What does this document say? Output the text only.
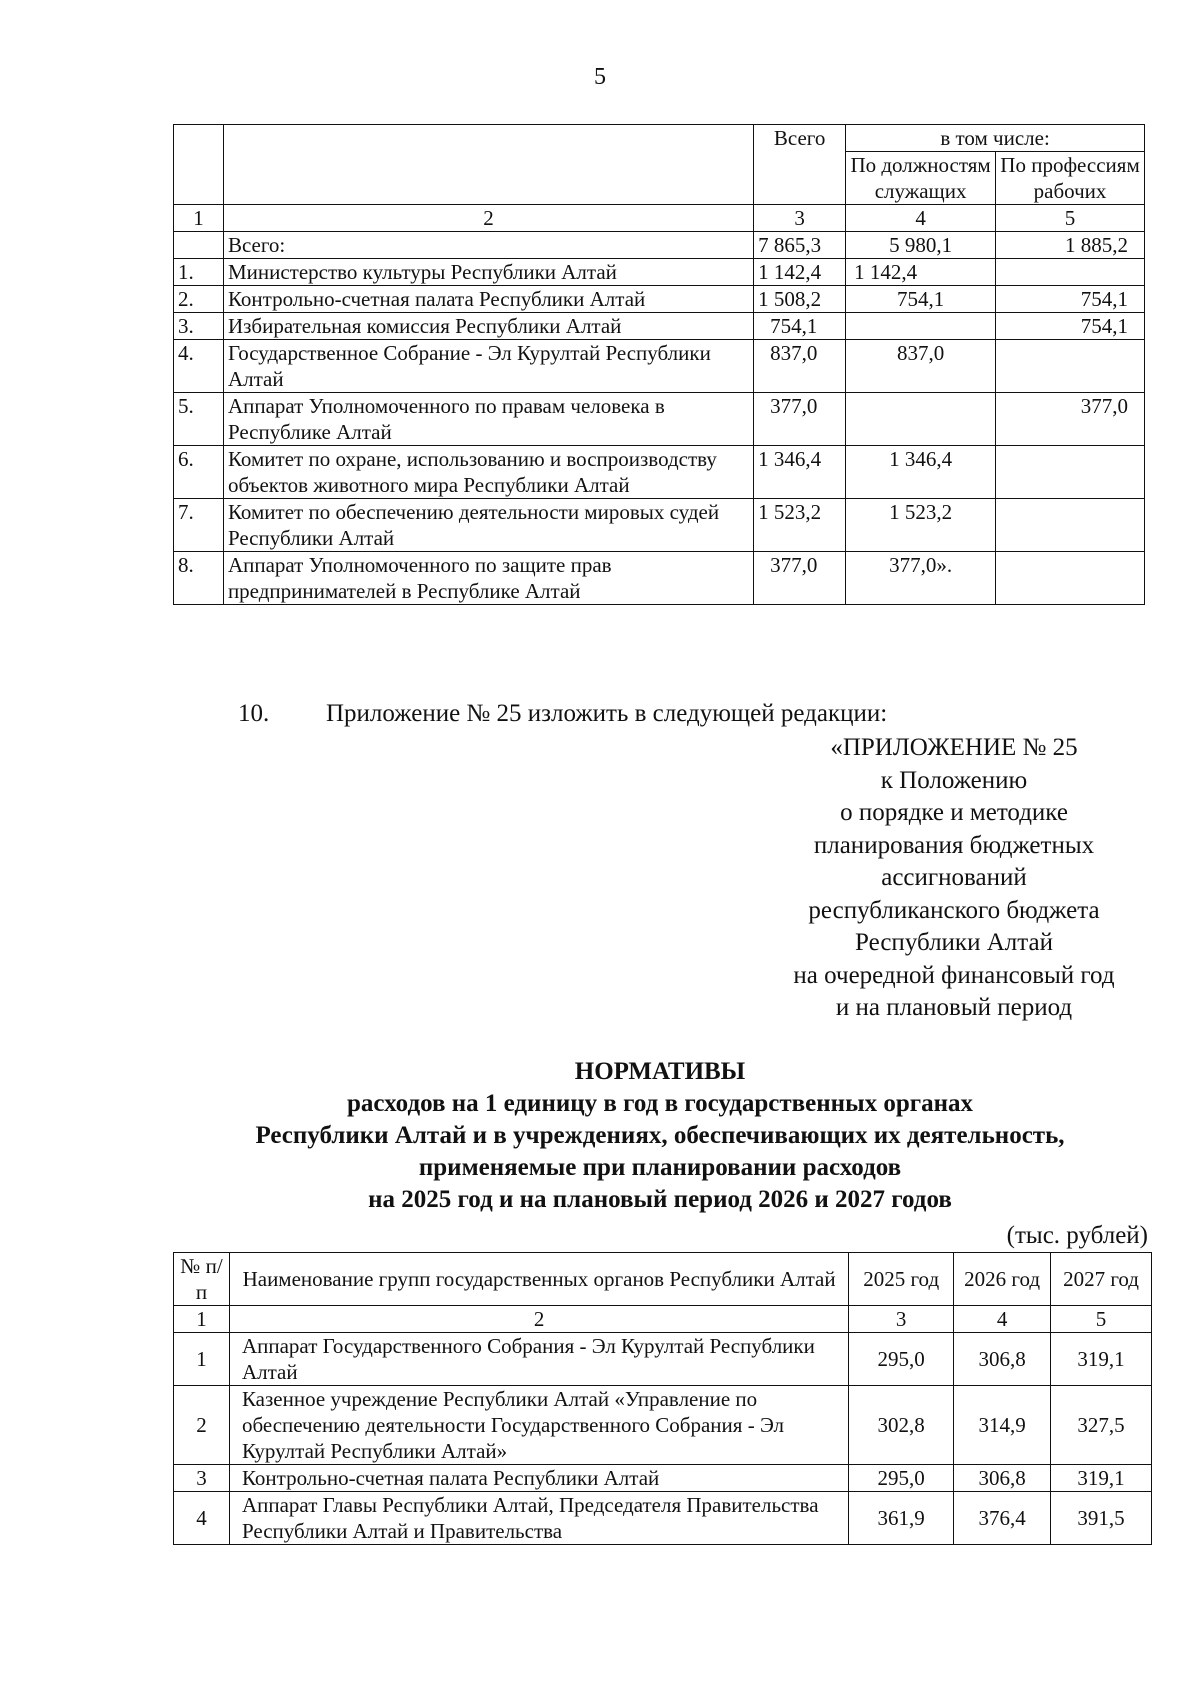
5
		Всего	в том числе:	
			По должностям служащих	По профессиям рабочих
1	2	3	4	5
	Всего:	7 865,3	5 980,1	1 885,2
1.	Министерство культуры Республики Алтай	1 142,4	1 142,4	
2.	Контрольно-счетная палата Республики Алтай	1 508,2	754,1	754,1
3.	Избирательная комиссия Республики Алтай	754,1		754,1
4.	Государственное Собрание - Эл Курултай Республики Алтай	837,0	837,0	
5.	Аппарат Уполномоченного по правам человека в Республике Алтай	377,0		377,0
6.	Комитет по охране, использованию и воспроизводству объектов животного мира Республики Алтай	1 346,4	1 346,4	
7.	Комитет по обеспечению деятельности мировых судей Республики Алтай	1 523,2	1 523,2	
8.	Аппарат Уполномоченного по защите прав предпринимателей в Республике Алтай	377,0	377,0».	
10. Приложение № 25 изложить в следующей редакции:
«ПРИЛОЖЕНИЕ № 25
к Положению
о порядке и методике
планирования бюджетных
ассигнований
республиканского бюджета
Республики Алтай
на очередной финансовый год
и на плановый период
НОРМАТИВЫ
расходов на 1 единицу в год в государственных органах
Республики Алтай и в учреждениях, обеспечивающих их деятельность,
применяемые при планировании расходов
на 2025 год и на плановый период 2026 и 2027 годов
(тыс. рублей)
№ п/п	Наименование групп государственных органов Республики Алтай	2025 год	2026 год	2027 год
1	2	3	4	5
1	Аппарат Государственного Собрания - Эл Курултай Республики Алтай	295,0	306,8	319,1
2	Казенное учреждение Республики Алтай «Управление по обеспечению деятельности Государственного Собрания - Эл Курултай Республики Алтай»	302,8	314,9	327,5
3	Контрольно-счетная палата Республики Алтай	295,0	306,8	319,1
4	Аппарат Главы Республики Алтай, Председателя Правительства Республики Алтай и Правительства	361,9	376,4	391,5
